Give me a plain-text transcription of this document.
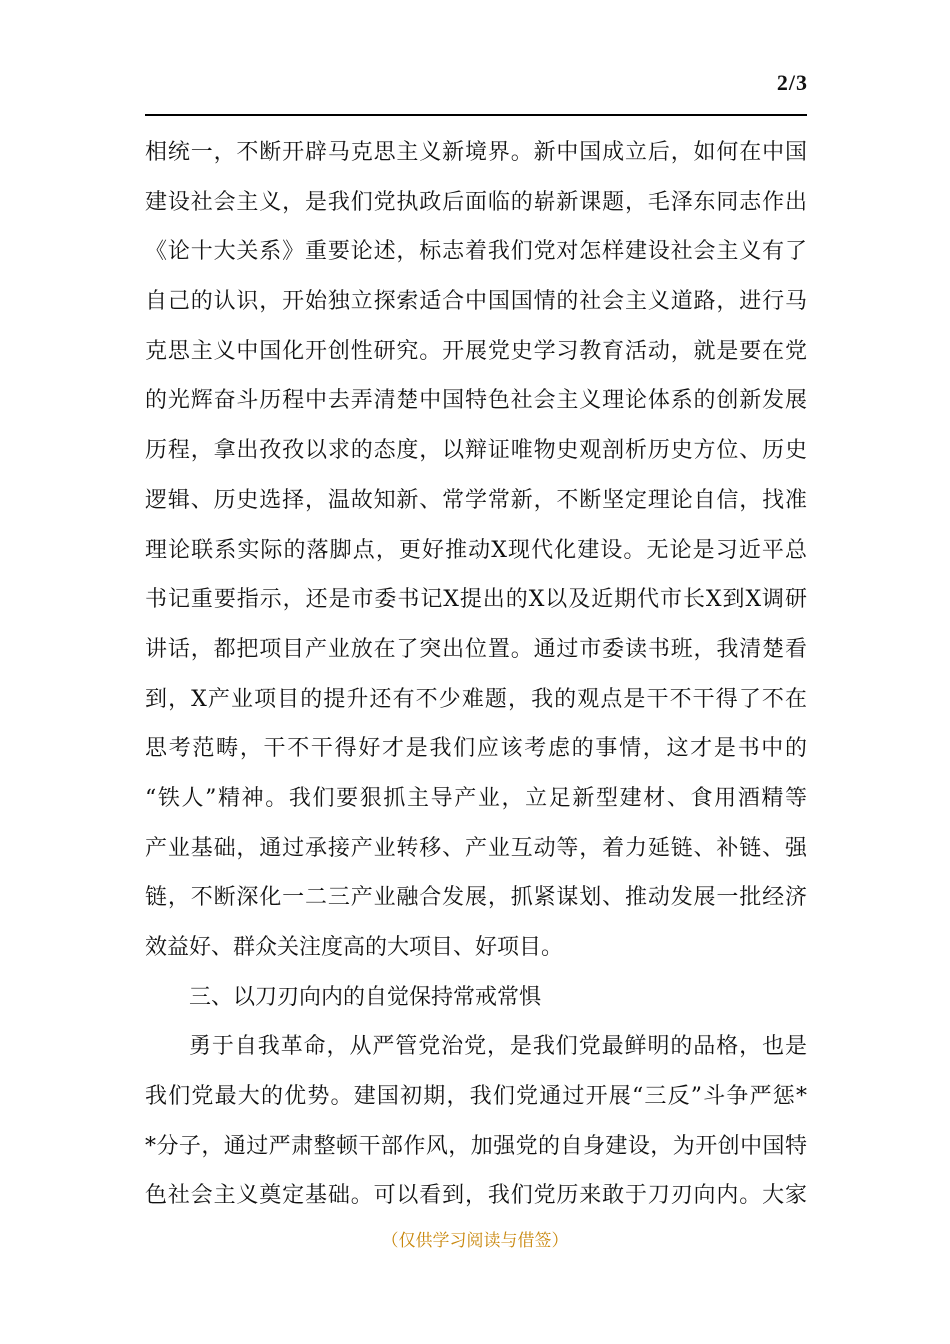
2/3
相统一，不断开辟马克思主义新境界。新中国成立后，如何在中国
建设社会主义，是我们党执政后面临的崭新课题，毛泽东同志作出
《论十大关系》重要论述，标志着我们党对怎样建设社会主义有了
自己的认识，开始独立探索适合中国国情的社会主义道路，进行马
克思主义中国化开创性研究。开展党史学习教育活动，就是要在党
的光辉奋斗历程中去弄清楚中国特色社会主义理论体系的创新发展
历程，拿出孜孜以求的态度，以辩证唯物史观剖析历史方位、历史
逻辑、历史选择，温故知新、常学常新，不断坚定理论自信，找准
理论联系实际的落脚点，更好推动X现代化建设。无论是习近平总
书记重要指示，还是市委书记X提出的X以及近期代市长X到X调研
讲话，都把项目产业放在了突出位置。通过市委读书班，我清楚看
到，X产业项目的提升还有不少难题，我的观点是干不干得了不在
思考范畴，干不干得好才是我们应该考虑的事情，这才是书中的
“铁人”精神。我们要狠抓主导产业，立足新型建材、食用酒精等
产业基础，通过承接产业转移、产业互动等，着力延链、补链、强
链，不断深化一二三产业融合发展，抓紧谋划、推动发展一批经济
效益好、群众关注度高的大项目、好项目。
三、以刀刃向内的自觉保持常戒常惧
勇于自我革命，从严管党治党，是我们党最鲜明的品格，也是
我们党最大的优势。建国初期，我们党通过开展“三反”斗争严惩*
*分子，通过严肃整顿干部作风，加强党的自身建设，为开创中国特
色社会主义奠定基础。可以看到，我们党历来敢于刀刃向内。大家
（仅供学习阅读与借签）
